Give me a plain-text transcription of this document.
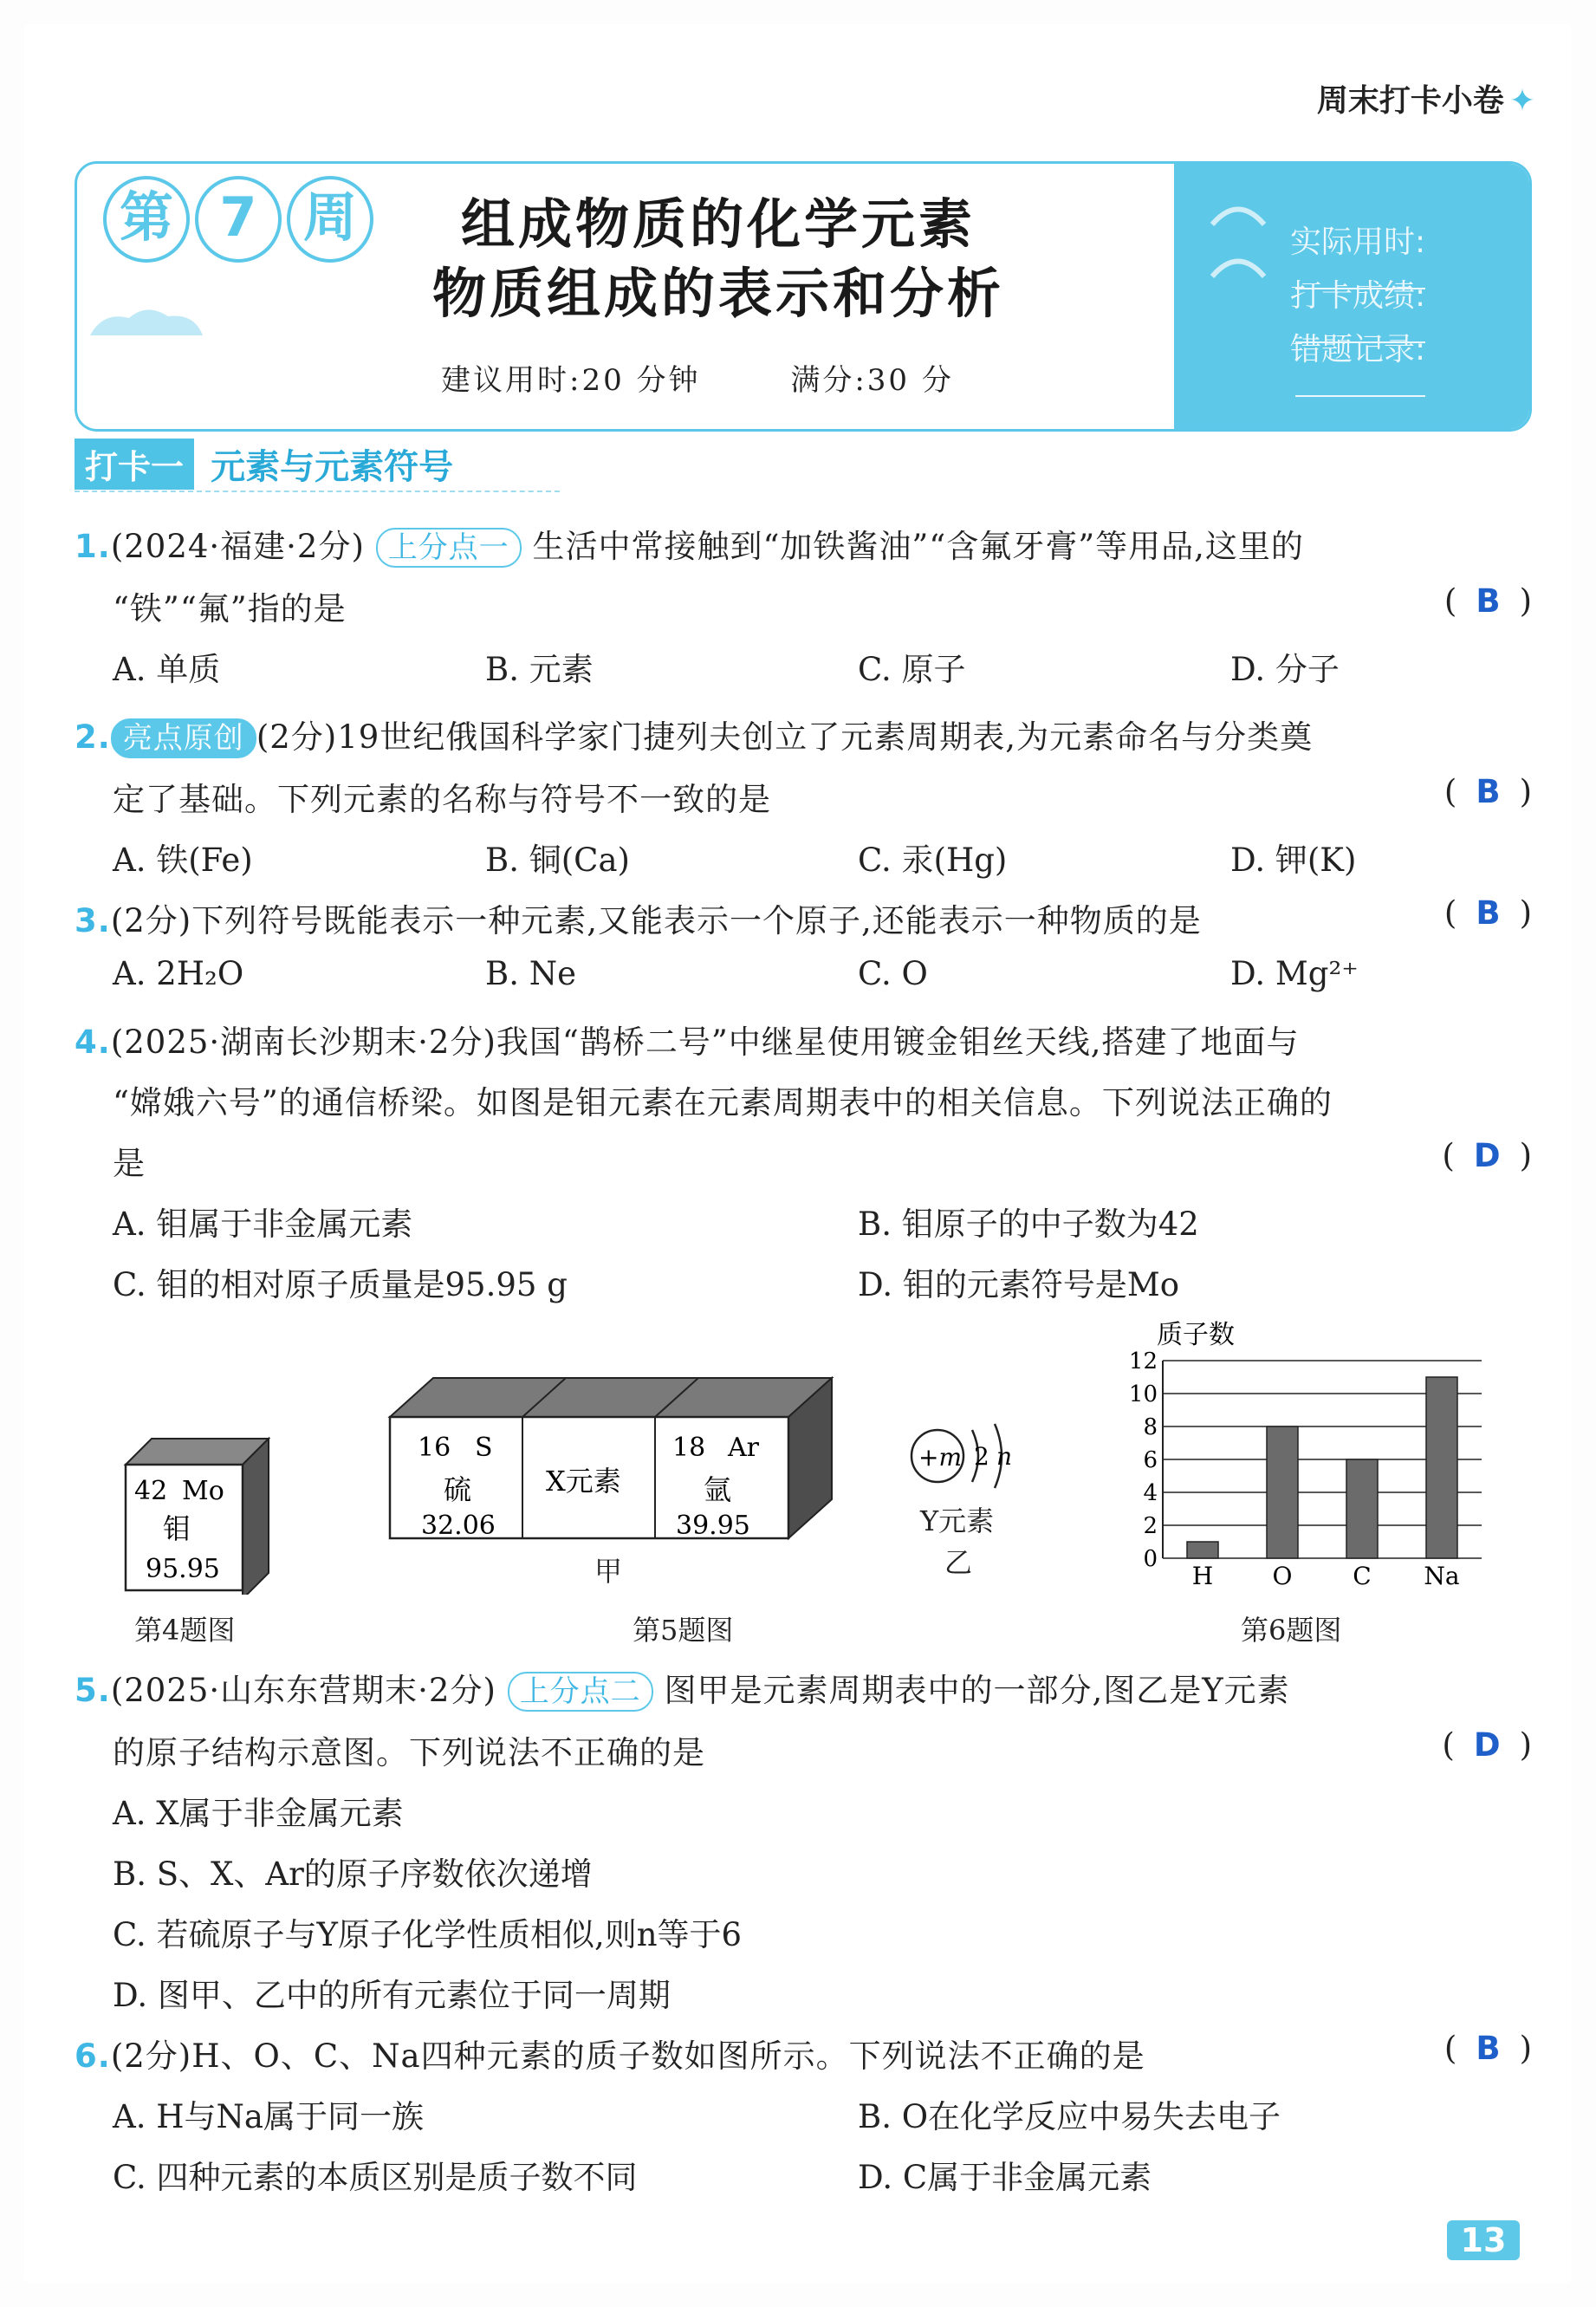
周末打卡小卷 ✦
第 7 周	组成物质的化学元素
物质组成的表示和分析
建议用时:20 分钟	满分:30 分
实际用时:
打卡成绩:
错题记录:
打卡一 元素与元素符号
1.(2024·福建·2分) 上分点一 生活中常接触到“加铁酱油”“含氟牙膏”等用品,这里的
“铁”“氟”指的是	( B )
A. 单质	B. 元素	C. 原子	D. 分子
2. 亮点原创 (2分)19世纪俄国科学家门捷列夫创立了元素周期表,为元素命名与分类奠
定了基础。下列元素的名称与符号不一致的是	( B )
A. 铁(Fe)	B. 铜(Ca)	C. 汞(Hg)	D. 钾(K)
3.(2分)下列符号既能表示一种元素,又能表示一个原子,还能表示一种物质的是	( B )
A. 2H₂O	B. Ne	C. O	D. Mg²⁺
4.(2025·湖南长沙期末·2分)我国“鹊桥二号”中继星使用镀金钼丝天线,搭建了地面与
“嫦娥六号”的通信桥梁。如图是钼元素在元素周期表中的相关信息。下列说法正确的
是	( D )
A. 钼属于非金属元素	B. 钼原子的中子数为42
C. 钼的相对原子质量是95.95 g	D. 钼的元素符号是Mo
42 Mo
钼
95.95
第4题图
16 S
硫
32.06
X元素
18 Ar
氩
39.95
甲
+m 2 n
Y元素
乙
第5题图
质子数
0
2
4
6
8
10
12
H O C Na
第6题图
5.(2025·山东东营期末·2分) 上分点二 图甲是元素周期表中的一部分,图乙是Y元素
的原子结构示意图。下列说法不正确的是	( D )
A. X属于非金属元素
B. S、X、Ar的原子序数依次递增
C. 若硫原子与Y原子化学性质相似,则n等于6
D. 图甲、乙中的所有元素位于同一周期
6.(2分)H、O、C、Na四种元素的质子数如图所示。下列说法不正确的是	( B )
A. H与Na属于同一族	B. O在化学反应中易失去电子
C. 四种元素的本质区别是质子数不同	D. C属于非金属元素
13
